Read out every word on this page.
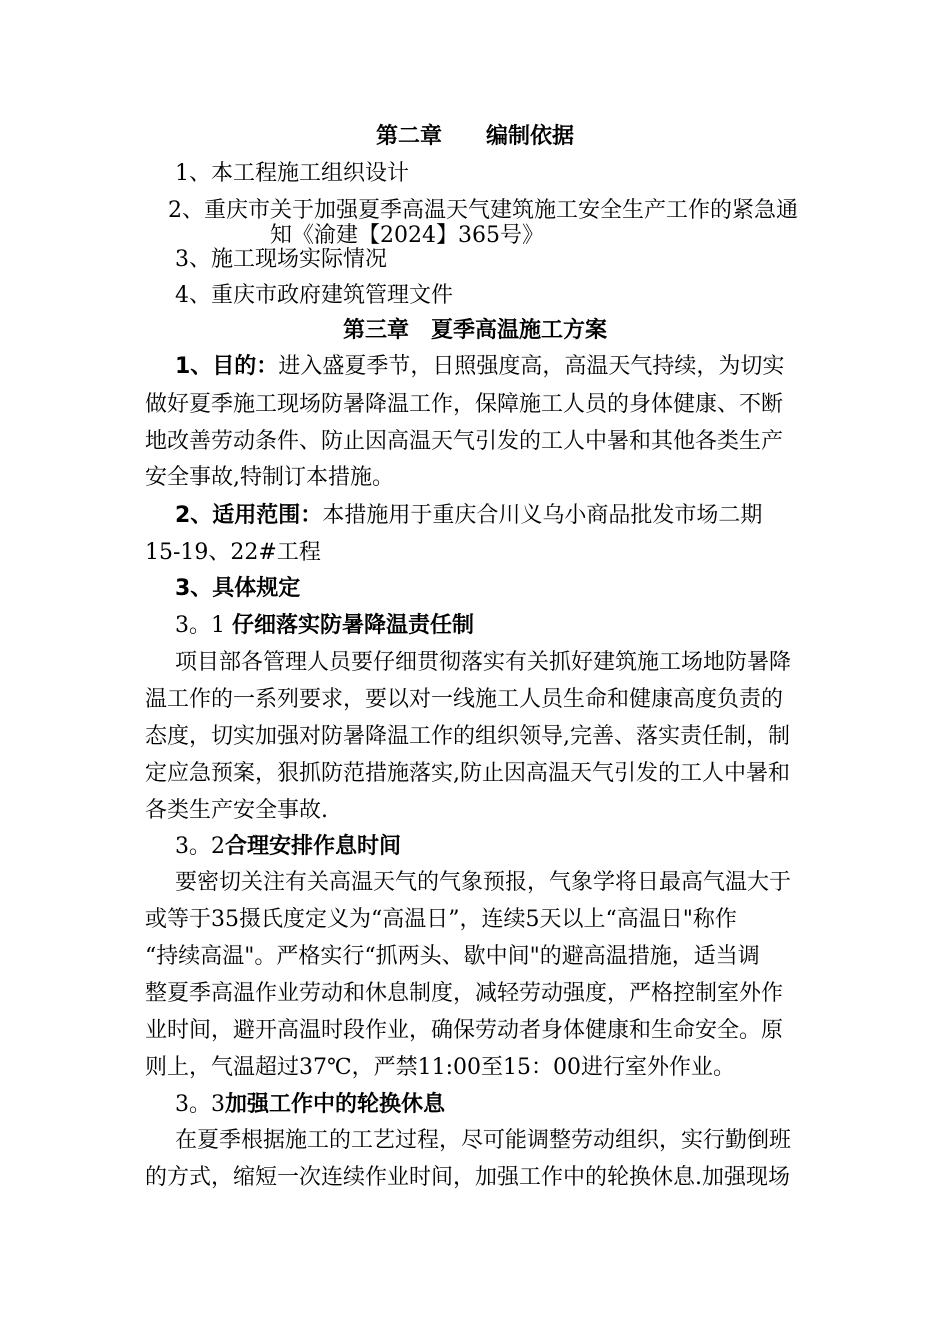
第二章　　编制依据
1、本工程施工组织设计
2、重庆市关于加强夏季高温天气建筑施工安全生产工作的紧急通
知《渝建【2024】365号》
3、施工现场实际情况
4、重庆市政府建筑管理文件
第三章　夏季高温施工方案
1、目的：进入盛夏季节，日照强度高，高温天气持续，为切实
做好夏季施工现场防暑降温工作，保障施工人员的身体健康、不断
地改善劳动条件、防止因高温天气引发的工人中暑和其他各类生产
安全事故,特制订本措施。
2、适用范围：本措施用于重庆合川义乌小商品批发市场二期
15-19、22#工程
3、具体规定
3。1 仔细落实防暑降温责任制
项目部各管理人员要仔细贯彻落实有关抓好建筑施工场地防暑降
温工作的一系列要求，要以对一线施工人员生命和健康高度负责的
态度，切实加强对防暑降温工作的组织领导,完善、落实责任制，制
定应急预案，狠抓防范措施落实,防止因高温天气引发的工人中暑和
各类生产安全事故.
3。2合理安排作息时间
要密切关注有关高温天气的气象预报，气象学将日最高气温大于
或等于35摄氏度定义为“高温日”，连续5天以上“高温日"称作
“持续高温"。严格实行“抓两头、歇中间"的避高温措施，适当调
整夏季高温作业劳动和休息制度，减轻劳动强度，严格控制室外作
业时间，避开高温时段作业，确保劳动者身体健康和生命安全。原
则上，气温超过37℃，严禁11:00至15：00进行室外作业。
3。3加强工作中的轮换休息
在夏季根据施工的工艺过程，尽可能调整劳动组织，实行勤倒班
的方式，缩短一次连续作业时间，加强工作中的轮换休息.加强现场
